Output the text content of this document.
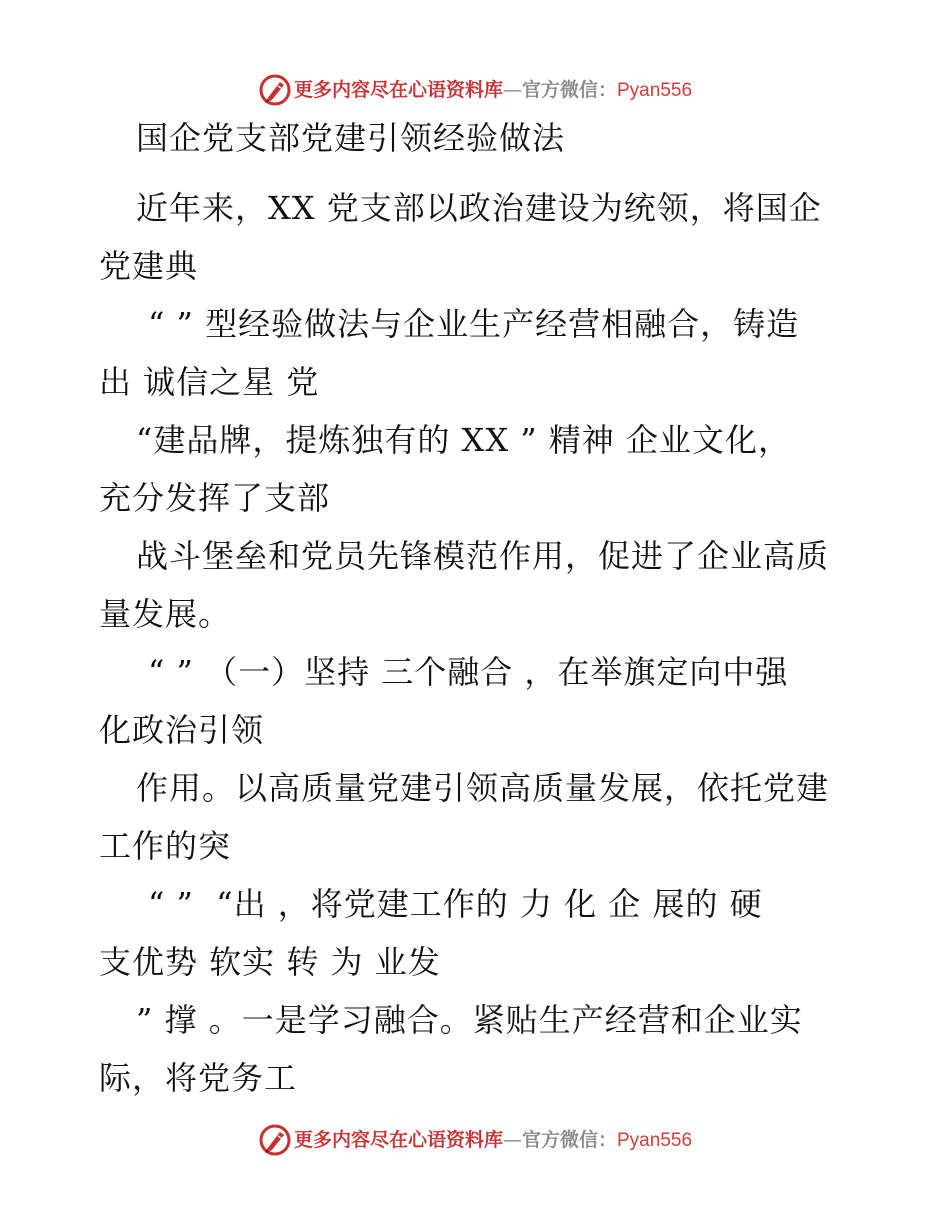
更多内容尽在心语资料库—官方微信：Pyan556
国企党支部党建引领经验做法
近年来，XX 党支部以政治建设为统领，将国企
党建典
“ ” 型经验做法与企业生产经营相融合，铸造
出 诚信之星 党
“建品牌，提炼独有的 XX ” 精神 企业文化，
充分发挥了支部
战斗堡垒和党员先锋模范作用，促进了企业高质
量发展。
“ ” （一）坚持 三个融合 ，在举旗定向中强
化政治引领
作用。以高质量党建引领高质量发展，依托党建
工作的突
“ ”  “出 ，将党建工作的 力 化 企 展的 硬
支优势 软实 转 为 业发
” 撑 。一是学习融合。紧贴生产经营和企业实
际，将党务工
更多内容尽在心语资料库—官方微信：Pyan556
